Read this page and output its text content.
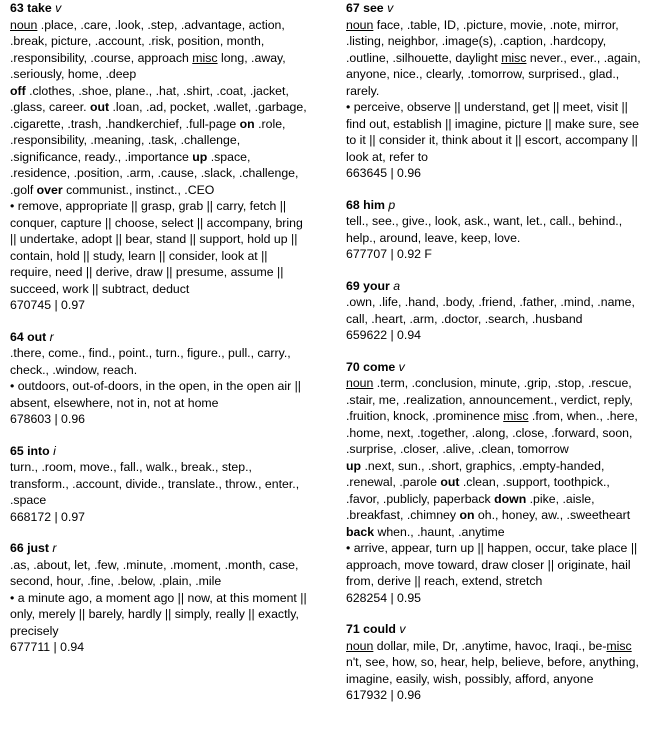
63 take v

noun .place, .care, .look, .step, .advantage, action, .break, picture, .account, .risk, position, month, .responsibility, .course, approach misc long, .away, .seriously, home, .deep

off .clothes, .shoe, plane., .hat, .shirt, .coat, .jacket, .glass, career. out .loan, .ad, pocket, .wallet, .garbage, .cigarette, .trash, .handkerchief, .full-page on .role, .responsibility, .meaning, .task, .challenge, .significance, ready., .importance up .space, .residence, .position, .arm, .cause, .slack, .challenge, .golf over communist., instinct., .CEO

• remove, appropriate || grasp, grab || carry, fetch || conquer, capture || choose, select || accompany, bring || undertake, adopt || bear, stand || support, hold up || contain, hold || study, learn || consider, look at || require, need || derive, draw || presume, assume || succeed, work || subtract, deduct

670745 | 0.97

64 out r

.there, come., find., point., turn., figure., pull., carry., check., .window, reach.

• outdoors, out-of-doors, in the open, in the open air || absent, elsewhere, not in, not at home

678603 | 0.96

65 into i

turn., .room, move., fall., walk., break., step., transform., .account, divide., translate., throw., enter., .space

668172 | 0.97

66 just r

.as, .about, let, .few, .minute, .moment, .month, case, second, hour, .fine, .below, .plain, .mile

• a minute ago, a moment ago || now, at this moment || only, merely || barely, hardly || simply, really || exactly, precisely

677711 | 0.94

67 see v

noun face, .table, ID, .picture, movie, .note, mirror, .listing, neighbor, .image(s), .caption, .hardcopy, .outline, .silhouette, daylight misc never., ever., .again, anyone, nice., clearly, .tomorrow, surprised., glad., rarely.

• perceive, observe || understand, get || meet, visit || find out, establish || imagine, picture || make sure, see to it || consider it, think about it || escort, accompany || look at, refer to

663645 | 0.96

68 him p

tell., see., give., look, ask., want, let., call., behind., help., around, leave, keep, love.

677707 | 0.92 F

69 your a

.own, .life, .hand, .body, .friend, .father, .mind, .name, call, .heart, .arm, .doctor, .search, .husband

659622 | 0.94

70 come v

noun .term, .conclusion, minute, .grip, .stop, .rescue, .stair, me, .realization, announcement., verdict, reply, .fruition, knock, .prominence misc .from, when., .here, .home, next, .together, .along, .close, .forward, soon, .surprise, .closer, .alive, .clean, tomorrow

up .next, sun., .short, graphics, .empty-handed, .renewal, .parole out .clean, .support, toothpick., .favor, .publicly, paperback down .pike, .aisle, .breakfast, .chimney on oh., honey, aw., .sweetheart back when., .haunt, .anytime

• arrive, appear, turn up || happen, occur, take place || approach, move toward, draw closer || originate, hail from, derive || reach, extend, stretch

628254 | 0.95

71 could v

noun dollar, mile, Dr, .anytime, havoc, Iraqi., be-misc n't, see, how, so, hear, help, believe, before, anything, imagine, easily, wish, possibly, afford, anyone

617932 | 0.96
